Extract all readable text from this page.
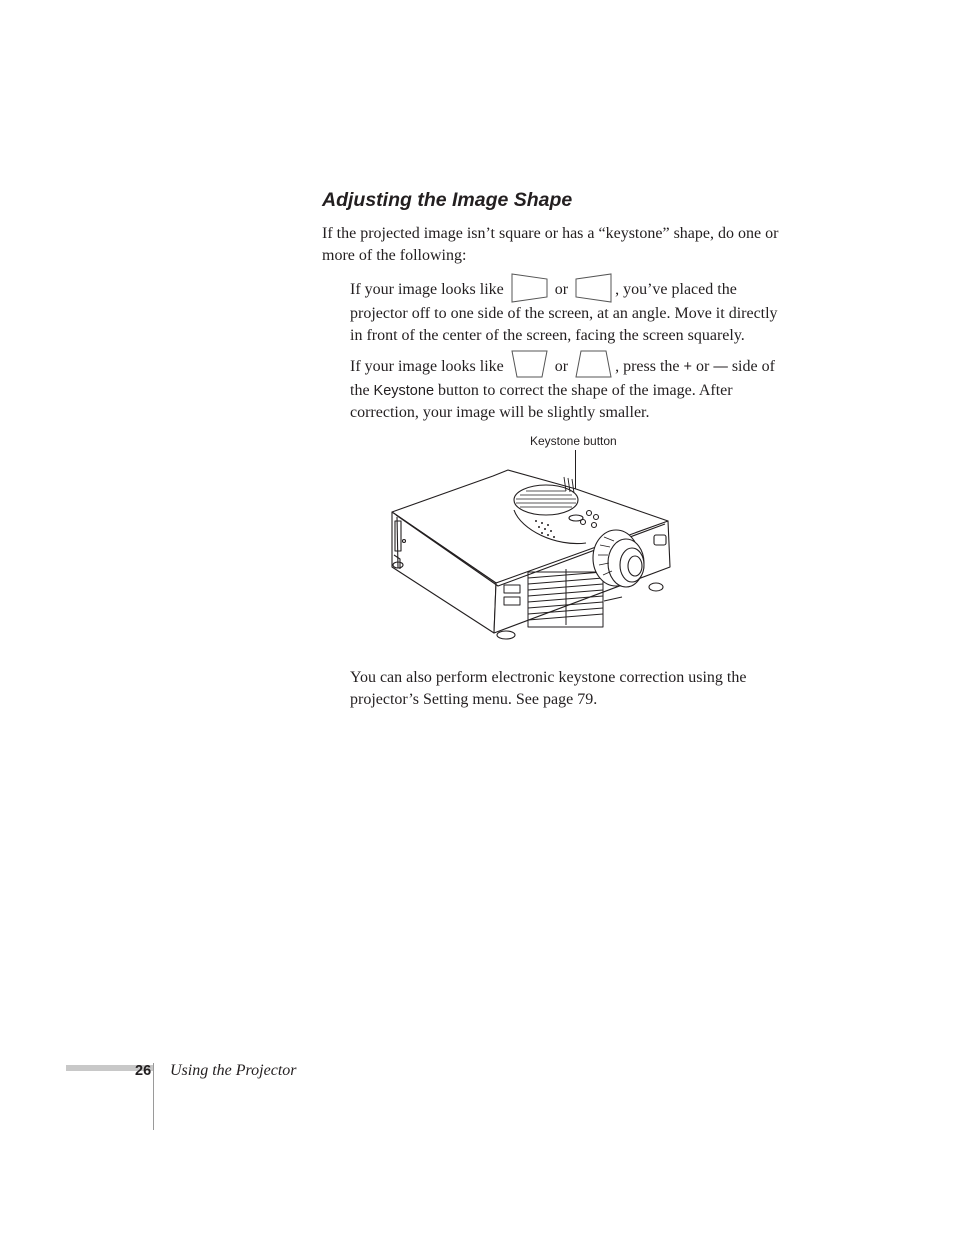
Adjusting the Image Shape

If the projected image isn’t square or has a “keystone” shape, do one or more of the following:

If your image looks like	or	, you’ve placed the projector off to one side of the screen, at an angle. Move it directly in front of the center of the screen, facing the screen squarely.

If your image looks like	or	, press the + or — side of the Keystone button to correct the shape of the image. After correction, your image will be slightly smaller.

Keystone button

You can also perform electronic keystone correction using the projector’s Setting menu. See page 79.

26 Using the Projector
